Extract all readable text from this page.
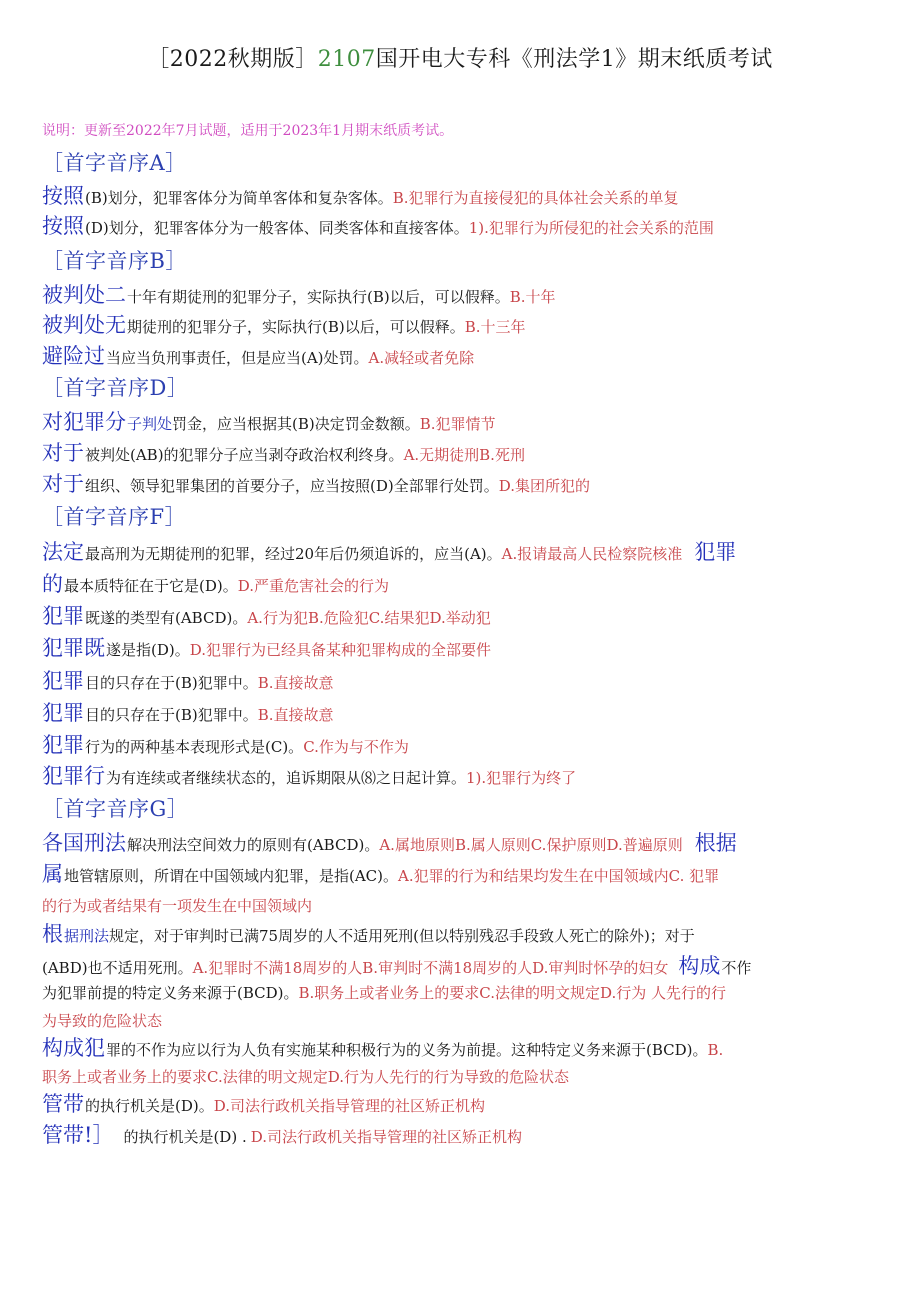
［2022秋期版］2107国开电大专科《刑法学1》期末纸质考试
说明：更新至2022年7月试题，适用于2023年1月期末纸质考试。
［首字音序A］
按照(B)划分，犯罪客体分为简单客体和复杂客体。B.犯罪行为直接侵犯的具体社会关系的单复
按照(D)划分，犯罪客体分为一般客体、同类客体和直接客体。1).犯罪行为所侵犯的社会关系的范围
［首字音序B］
被判处二十年有期徒刑的犯罪分子，实际执行(B)以后，可以假释。B.十年
被判处无期徒刑的犯罪分子，实际执行(B)以后，可以假释。B.十三年
避险过当应当负刑事责任，但是应当(A)处罚。A.减轻或者免除
［首字音序D］
对犯罪分子判处罚金，应当根据其(B)决定罚金数额。B.犯罪情节
对于被判处(AB)的犯罪分子应当剥夺政治权利终身。A.无期徒刑B.死刑
对于组织、领导犯罪集团的首要分子，应当按照(D)全部罪行处罚。D.集团所犯的
［首字音序F］
法定最高刑为无期徒刑的犯罪，经过20年后仍须追诉的，应当(A)。A.报请最高人民检察院核准 犯罪
的最本质特征在于它是(D)。D.严重危害社会的行为
犯罪既遂的类型有(ABCD)。A.行为犯B.危险犯C.结果犯D.举动犯
犯罪既遂是指(D)。D.犯罪行为已经具备某种犯罪构成的全部要件
犯罪目的只存在于(B)犯罪中。B.直接故意
犯罪目的只存在于(B)犯罪中。B.直接故意
犯罪行为的两种基本表现形式是(C)。C.作为与不作为
犯罪行为有连续或者继续状态的，追诉期限从⑻之日起计算。1).犯罪行为终了
［首字音序G］
各国刑法解决刑法空间效力的原则有(ABCD)。A.属地原则B.属人原则C.保护原则D.普遍原则 根据
属地管辖原则，所谓在中国领域内犯罪，是指(AC)。A.犯罪的行为和结果均发生在中国领域内C. 犯罪
的行为或者结果有一项发生在中国领域内
根据刑法规定，对于审判时已满75周岁的人不适用死刑(但以特别残忍手段致人死亡的除外)；对于
(ABD)也不适用死刑。A.犯罪时不满18周岁的人B.审判时不满18周岁的人D.审判时怀孕的妇女 构成不作
为犯罪前提的特定义务来源于(BCD)。B.职务上或者业务上的要求C.法律的明文规定D.行为 人先行的行
为导致的危险状态
构成犯罪的不作为应以行为人负有实施某种积极行为的义务为前提。这种特定义务来源于(BCD)。B.
职务上或者业务上的要求C.法律的明文规定D.行为人先行的行为导致的危险状态
管带的执行机关是(D)。D.司法行政机关指导管理的社区矫正机构
管带!］ 的执行机关是(D) . D.司法行政机关指导管理的社区矫正机构
